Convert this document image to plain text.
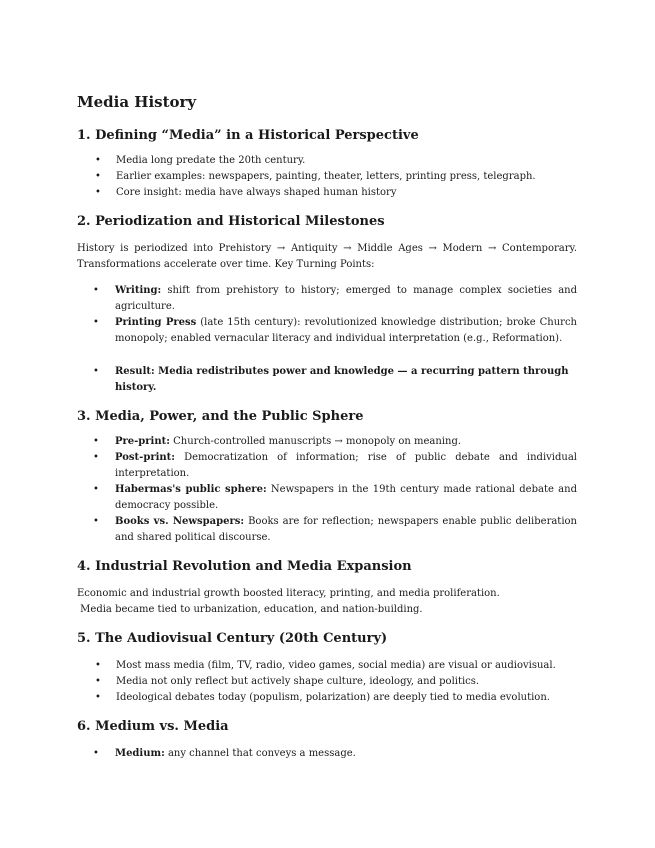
Media History
1. Defining “Media” in a Historical Perspective
• Media long predate the 20th century.
• Earlier examples: newspapers, painting, theater, letters, printing press, telegraph.
• Core insight: media have always shaped human history
2. Periodization and Historical Milestones

History is periodized into Prehistory → Antiquity → Middle Ages → Modern → Contemporary. Transformations accelerate over time. Key Turning Points:

• Writing: shift from prehistory to history; emerged to manage complex societies and agriculture.
• Printing Press (late 15th century): revolutionized knowledge distribution; broke Church monopoly; enabled vernacular literacy and individual interpretation (e.g., Reformation).
• Result: Media redistributes power and knowledge — a recurring pattern through history.
3. Media, Power, and the Public Sphere
• Pre-print: Church-controlled manuscripts → monopoly on meaning.
• Post-print: Democratization of information; rise of public debate and individual interpretation.
• Habermas's public sphere: Newspapers in the 19th century made rational debate and democracy possible.
• Books vs. Newspapers: Books are for reflection; newspapers enable public deliberation and shared political discourse.
4. Industrial Revolution and Media Expansion

Economic and industrial growth boosted literacy, printing, and media proliferation.

Media became tied to urbanization, education, and nation-building.

5. The Audiovisual Century (20th Century)
• Most mass media (film, TV, radio, video games, social media) are visual or audiovisual.
• Media not only reflect but actively shape culture, ideology, and politics.
• Ideological debates today (populism, polarization) are deeply tied to media evolution.
6. Medium vs. Media
• Medium: any channel that conveys a message.
